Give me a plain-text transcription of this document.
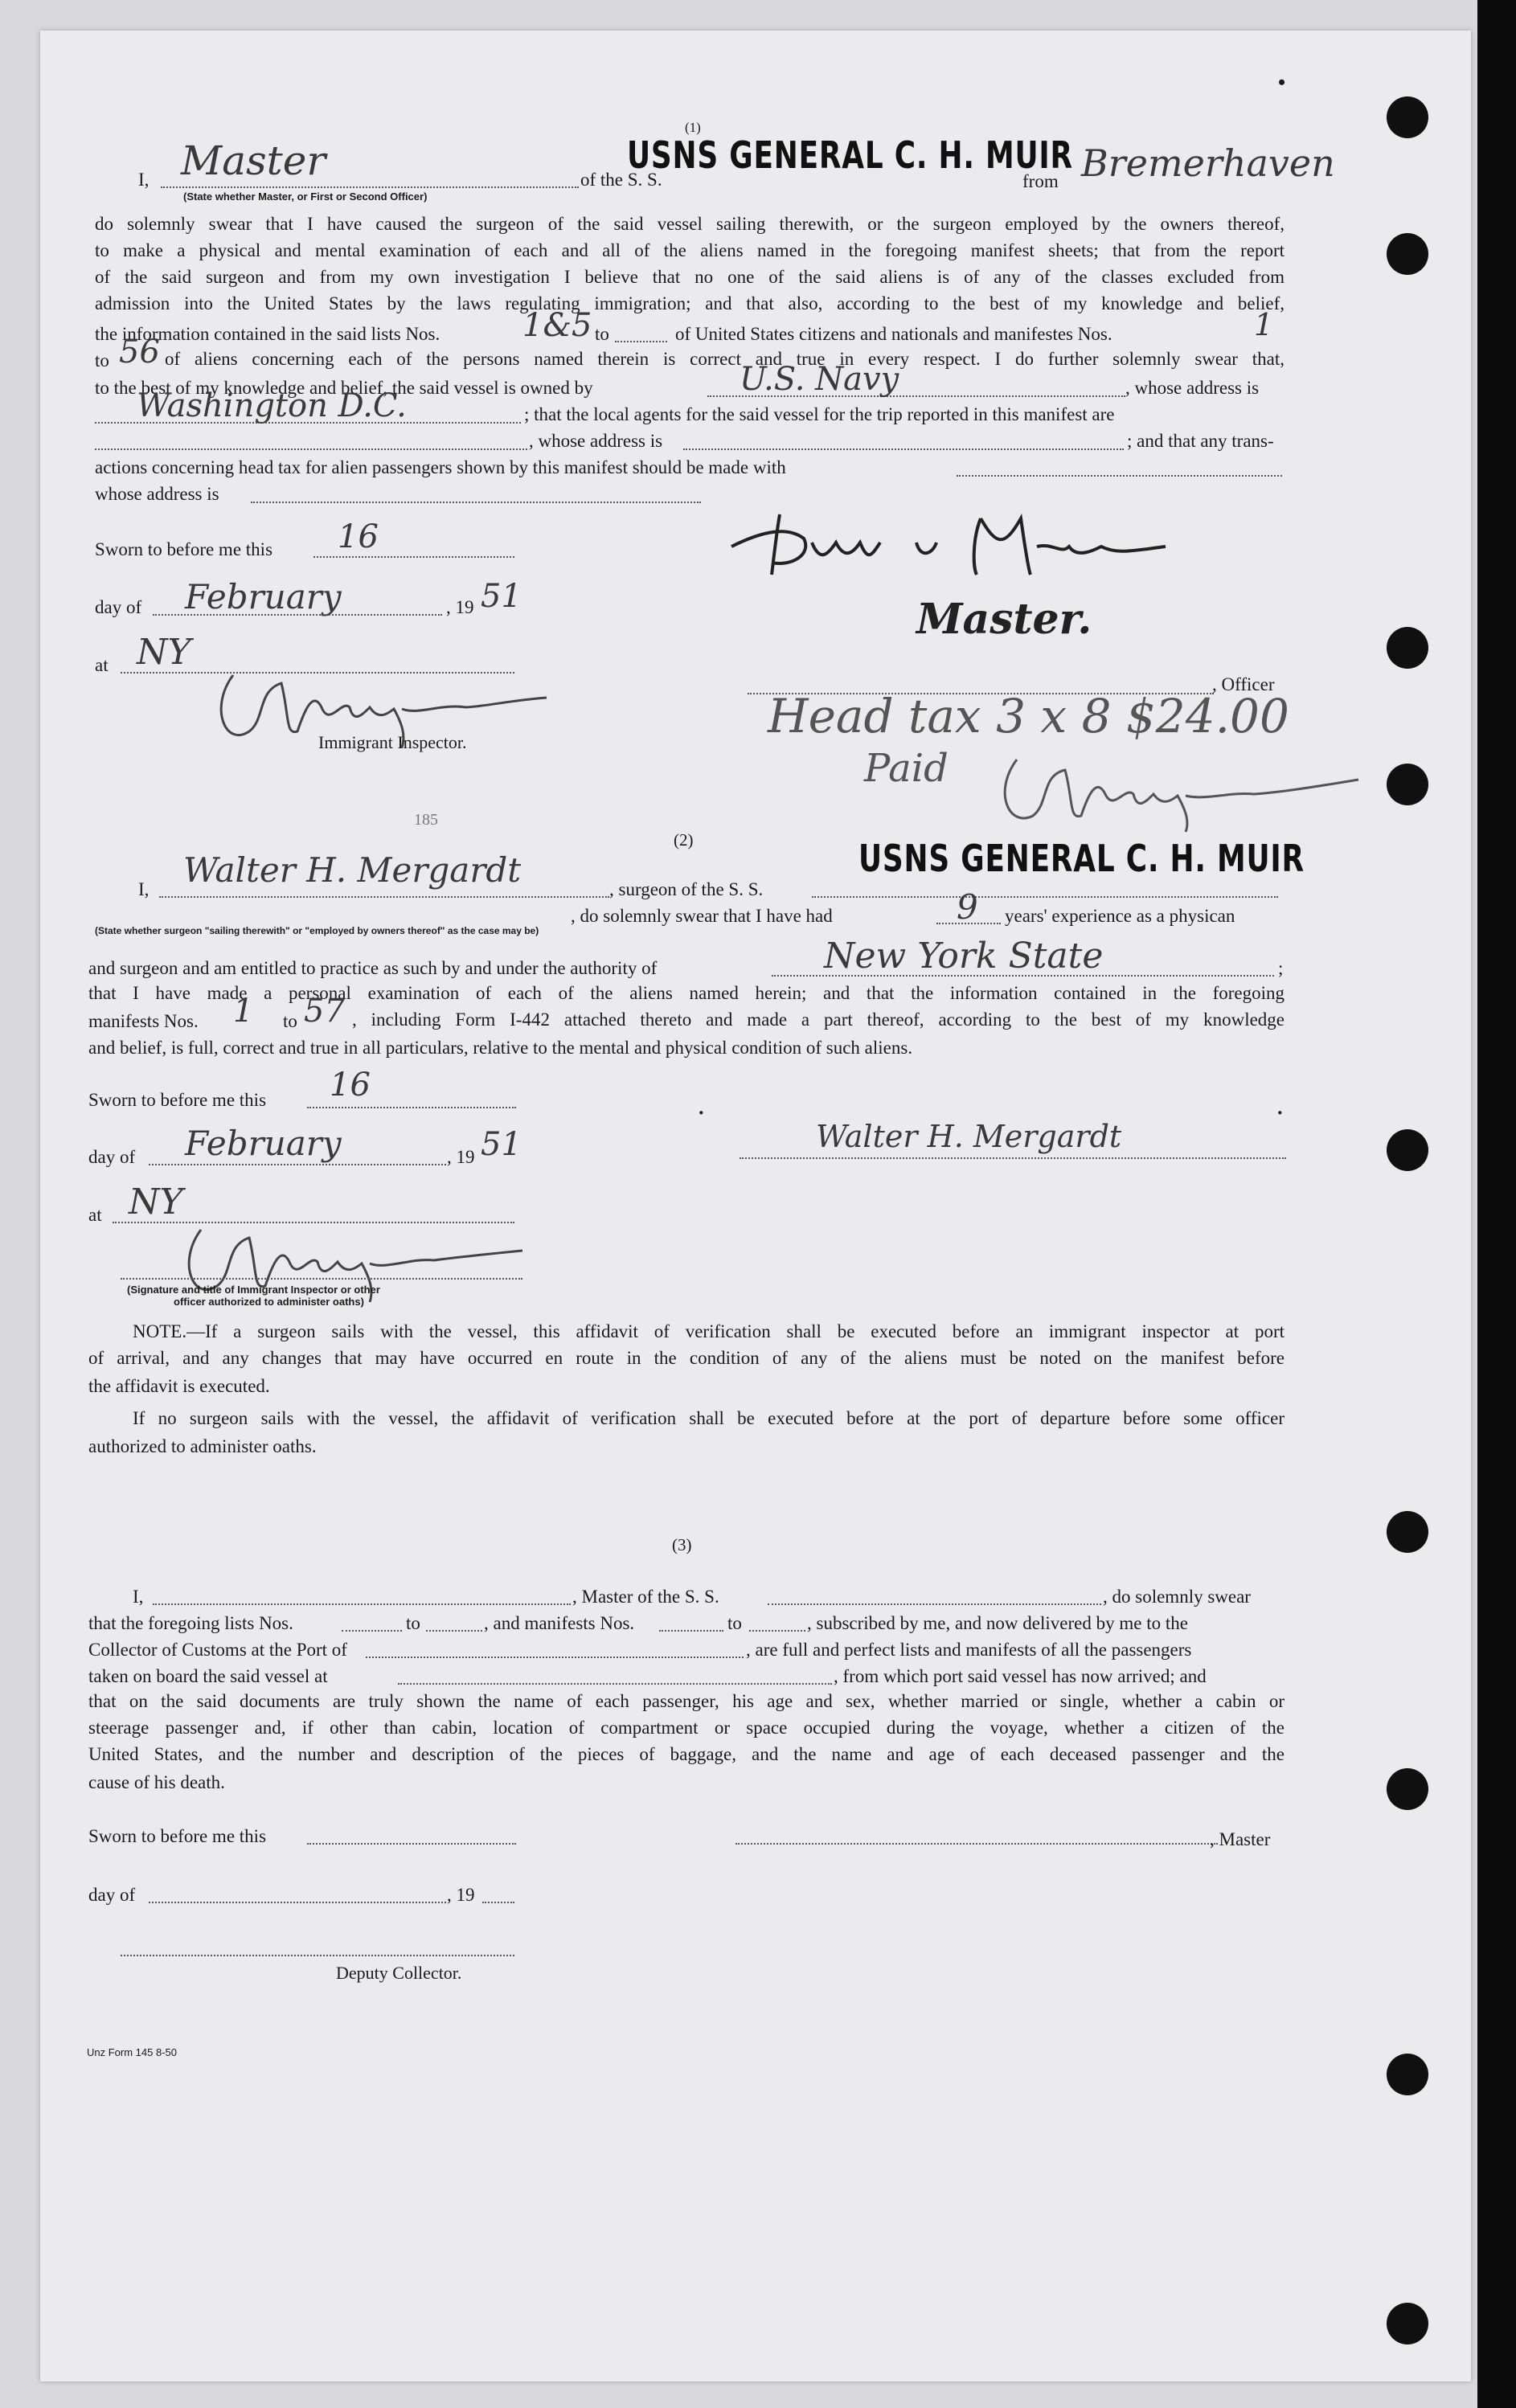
(1)
I, Master
(State whether Master, or First or Second Officer)
of the S. S.
USNS GENERAL C. H. MUIR
from Bremerhaven
do solemnly swear that I have caused the surgeon of the said vessel sailing therewith, or the surgeon employed by the owners thereof,
to make a physical and mental examination of each and all of the aliens named in the foregoing manifest sheets; that from the report
of the said surgeon and from my own investigation I believe that no one of the said aliens is of any of the classes excluded from
admission into the United States by the laws regulating immigration; and that also, according to the best of my knowledge and belief,
the information contained in the said lists Nos.	1&5 to	of United States citizens and nationals and manifestes Nos.	1
to 56 of aliens concerning each of the persons named therein is correct and true in every respect. I do further solemnly swear that,
to the best of my knowledge and belief, the said vessel is owned by	U.S. Navy	, whose address is
Washington D.C.	; that the local agents for the said vessel for the trip reported in this manifest are
, whose address is	; and that any trans-
actions concerning head tax for alien passengers shown by this manifest should be made with
whose address is
Sworn to before me this 16
day of February	, 19 51
at NY
Immigrant Inspector.
Master.
, Officer
Head tax 3 x 8 $24.00
Paid
185
(2)	USNS GENERAL C. H. MUIR
I, Walter H. Mergardt	, surgeon of the S. S.
(State whether surgeon "sailing therewith" or "employed by owners thereof" as the case may be)
, do solemnly swear that I have had	9 years' experience as a physican
and surgeon and am entitled to practice as such by and under the authority of	New York State	;
that I have made a personal examination of each of the aliens named herein; and that the information contained in the foregoing
manifests Nos. 1 to 57 , including Form I-442 attached thereto and made a part thereof, according to the best of my knowledge
and belief, is full, correct and true in all particulars, relative to the mental and physical condition of such aliens.
Sworn to before me this 16
day of February	, 19 51
at NY
Walter H. Mergardt
·	·
(Signature and title of Immigrant Inspector or other
officer authorized to administer oaths)
NOTE.—If a surgeon sails with the vessel, this affidavit of verification shall be executed before an immigrant inspector at port
of arrival, and any changes that may have occurred en route in the condition of any of the aliens must be noted on the manifest before
the affidavit is executed.
If no surgeon sails with the vessel, the affidavit of verification shall be executed before at the port of departure before some officer
authorized to administer oaths.
(3)
I,	, Master of the S. S.	, do solemnly swear
that the foregoing lists Nos.	to	, and manifests Nos.	to	, subscribed by me, and now delivered by me to the
Collector of Customs at the Port of	, are full and perfect lists and manifests of all the passengers
taken on board the said vessel at	, from which port said vessel has now arrived; and
that on the said documents are truly shown the name of each passenger, his age and sex, whether married or single, whether a cabin or
steerage passenger and, if other than cabin, location of compartment or space occupied during the voyage, whether a citizen of the
United States, and the number and description of the pieces of baggage, and the name and age of each deceased passenger and the
cause of his death.
Sworn to before me this	, Master
day of	, 19
Deputy Collector.
Unz Form 145 8-50
•
